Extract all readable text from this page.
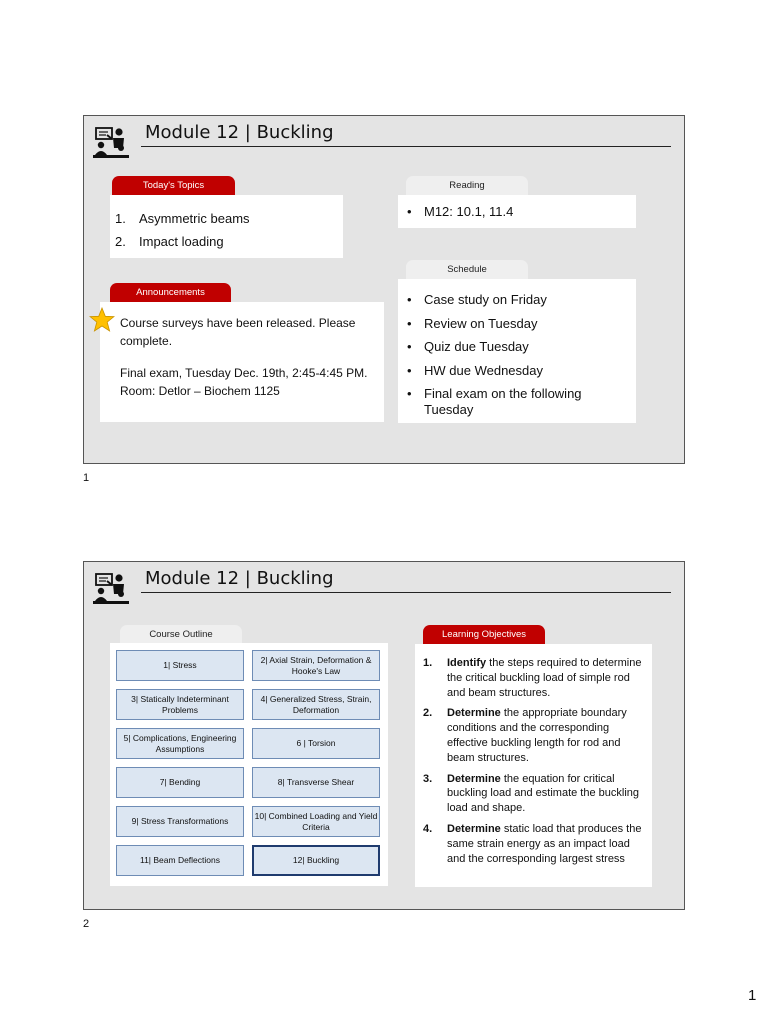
Module 12 | Buckling
Today's Topics
1. Asymmetric beams
2. Impact loading
Reading
• M12: 10.1, 11.4
Announcements
Course surveys have been released. Please complete.
Final exam, Tuesday Dec. 19th, 2:45-4:45 PM.
Room: Detlor – Biochem 1125
Schedule
• Case study on Friday
• Review on Tuesday
• Quiz due Tuesday
• HW due Wednesday
• Final exam on the following Tuesday
1
Module 12 | Buckling
Course Outline
1| Stress
2| Axial Strain, Deformation & Hooke's Law
3| Statically Indeterminant Problems
4| Generalized Stress, Strain, Deformation
5| Complications, Engineering Assumptions
6 | Torsion
7| Bending	8| Transverse Shear
9| Stress Transformations
10| Combined Loading and Yield Criteria
11| Beam Deflections	12| Buckling
Learning Objectives
1. Identify the steps required to determine the critical buckling load of simple rod and beam structures.
2. Determine the appropriate boundary conditions and the corresponding effective buckling length for rod and beam structures.
3. Determine the equation for critical buckling load and estimate the buckling load and shape.
4. Determine static load that produces the same strain energy as an impact load and the corresponding largest stress
2
1
